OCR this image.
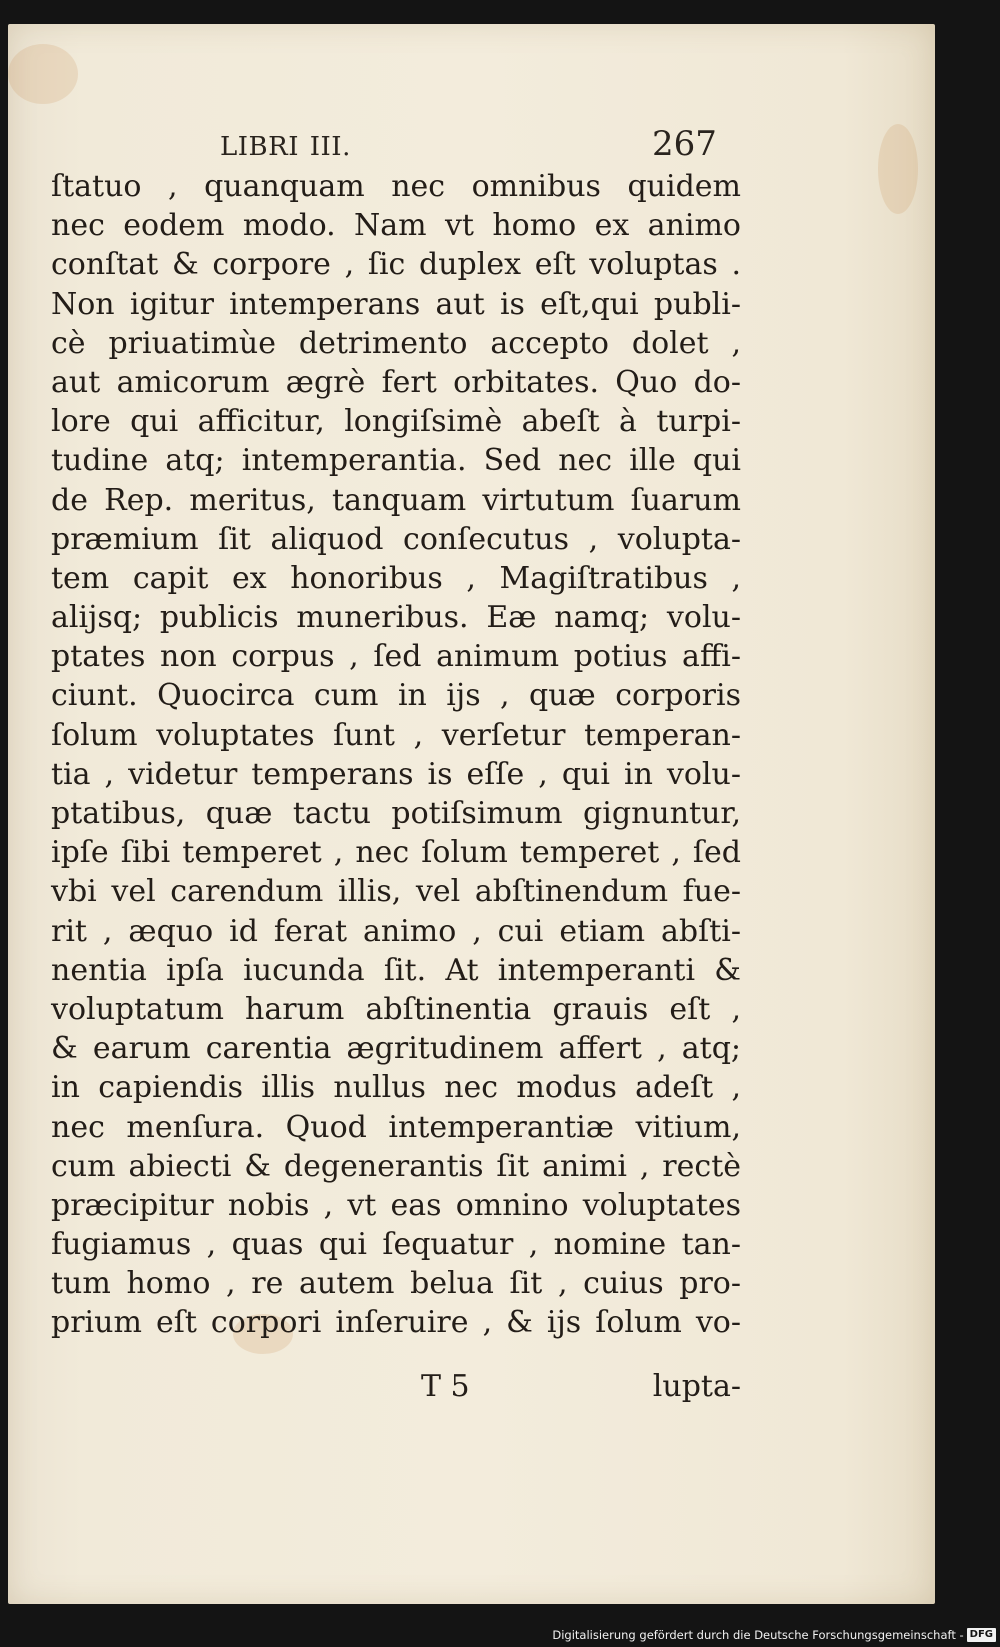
LIBRI III.	267
ſtatuo , quanquam nec omnibus quidem
nec eodem modo. Nam vt homo ex animo
conſtat & corpore , ſic duplex eſt voluptas .
Non igitur intemperans aut is eſt,qui publi-
cè priuatimùe detrimento accepto dolet ,
aut amicorum ægrè fert orbitates. Quo do-
lore qui afficitur, longiſsimè abeſt à turpi-
tudine atq; intemperantia. Sed nec ille qui
de Rep. meritus, tanquam virtutum ſuarum
præmium ſit aliquod conſecutus , volupta-
tem capit ex honoribus , Magiſtratibus ,
alijsq; publicis muneribus. Eæ namq; volu-
ptates non corpus , ſed animum potius affi-
ciunt. Quocirca cum in ijs , quæ corporis
ſolum voluptates ſunt , verſetur temperan-
tia , videtur temperans is eſſe , qui in volu-
ptatibus, quæ tactu potiſsimum gignuntur,
ipſe ſibi temperet , nec ſolum temperet , ſed
vbi vel carendum illis, vel abſtinendum fue-
rit , æquo id ferat animo , cui etiam abſti-
nentia ipſa iucunda ſit. At intemperanti &
voluptatum harum abſtinentia grauis eſt ,
& earum carentia ægritudinem affert , atq;
in capiendis illis nullus nec modus adeſt ,
nec menſura. Quod intemperantiæ vitium,
cum abiecti & degenerantis ſit animi , rectè
præcipitur nobis , vt eas omnino voluptates
fugiamus , quas qui ſequatur , nomine tan-
tum homo , re autem belua ſit , cuius pro-
prium eſt corpori inſeruire , & ijs ſolum vo-
T 5	lupta-
Digitalisierung gefördert durch die Deutsche Forschungsgemeinschaft - DFG
